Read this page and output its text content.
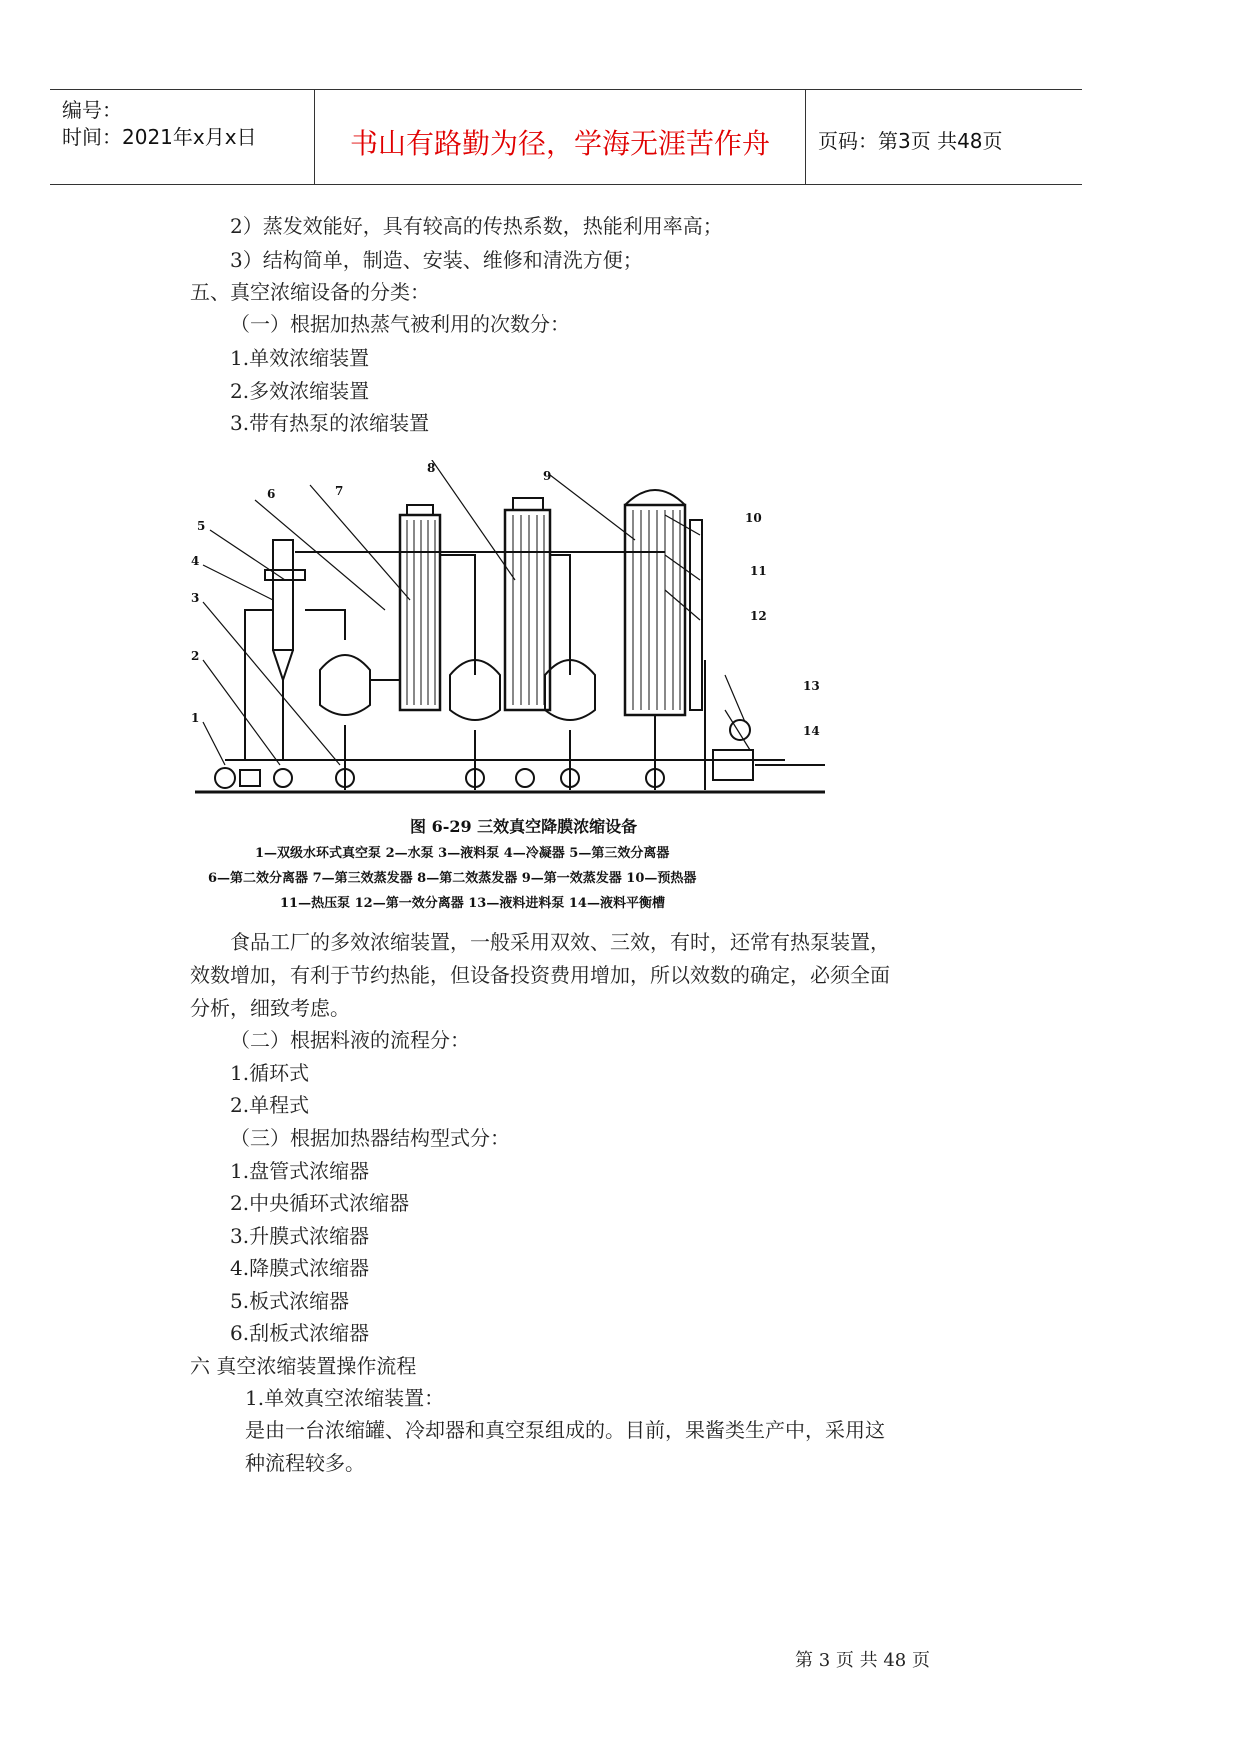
编号：
时间：2021年x月x日	书山有路勤为径，学海无涯苦作舟	页码：第3页 共48页
2）蒸发效能好，具有较高的传热系数，热能利用率高；
3）结构简单，制造、安装、维修和清洗方便；
五、真空浓缩设备的分类：
（一）根据加热蒸气被利用的次数分：
1.单效浓缩装置
2.多效浓缩装置
3.带有热泵的浓缩装置
1
2
3
4
5
6	7
8
9
10
11
12
13
14
图 6-29 三效真空降膜浓缩设备
1—双级水环式真空泵 2—水泵 3—液料泵 4—冷凝器 5—第三效分离器
6—第二效分离器 7—第三效蒸发器 8—第二效蒸发器 9—第一效蒸发器 10—预热器
11—热压泵 12—第一效分离器 13—液料进料泵 14—液料平衡槽
食品工厂的多效浓缩装置，一般采用双效、三效，有时，还常有热泵装置，
效数增加，有利于节约热能，但设备投资费用增加，所以效数的确定，必须全面
分析，细致考虑。
（二）根据料液的流程分：
1.循环式
2.单程式
（三）根据加热器结构型式分：
1.盘管式浓缩器
2.中央循环式浓缩器
3.升膜式浓缩器
4.降膜式浓缩器
5.板式浓缩器
6.刮板式浓缩器
六 真空浓缩装置操作流程
1.单效真空浓缩装置：
是由一台浓缩罐、冷却器和真空泵组成的。目前，果酱类生产中，采用这
种流程较多。
第 3 页 共 48 页
